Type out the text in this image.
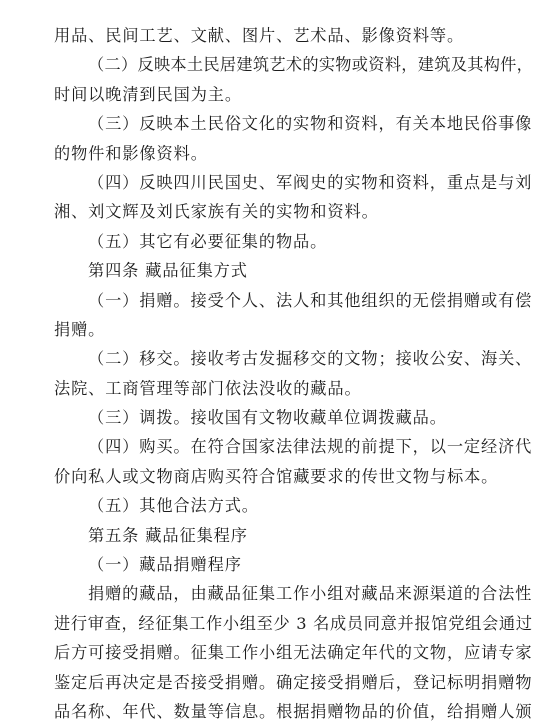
用品、民间工艺、文献、图片、艺术品、影像资料等。
（二）反映本土民居建筑艺术的实物或资料，建筑及其构件，
时间以晚清到民国为主。
（三）反映本土民俗文化的实物和资料，有关本地民俗事像
的物件和影像资料。
（四）反映四川民国史、军阀史的实物和资料，重点是与刘
湘、刘文辉及刘氏家族有关的实物和资料。
（五）其它有必要征集的物品。
第四条 藏品征集方式
（一）捐赠。接受个人、法人和其他组织的无偿捐赠或有偿
捐赠。
（二）移交。接收考古发掘移交的文物；接收公安、海关、
法院、工商管理等部门依法没收的藏品。
（三）调拨。接收国有文物收藏单位调拨藏品。
（四）购买。在符合国家法律法规的前提下，以一定经济代
价向私人或文物商店购买符合馆藏要求的传世文物与标本。
（五）其他合法方式。
第五条 藏品征集程序
（一）藏品捐赠程序
捐赠的藏品，由藏品征集工作小组对藏品来源渠道的合法性
进行审查，经征集工作小组至少 3 名成员同意并报馆党组会通过
后方可接受捐赠。征集工作小组无法确定年代的文物，应请专家
鉴定后再决定是否接受捐赠。确定接受捐赠后，登记标明捐赠物
品名称、年代、数量等信息。根据捐赠物品的价值，给捐赠人颁
